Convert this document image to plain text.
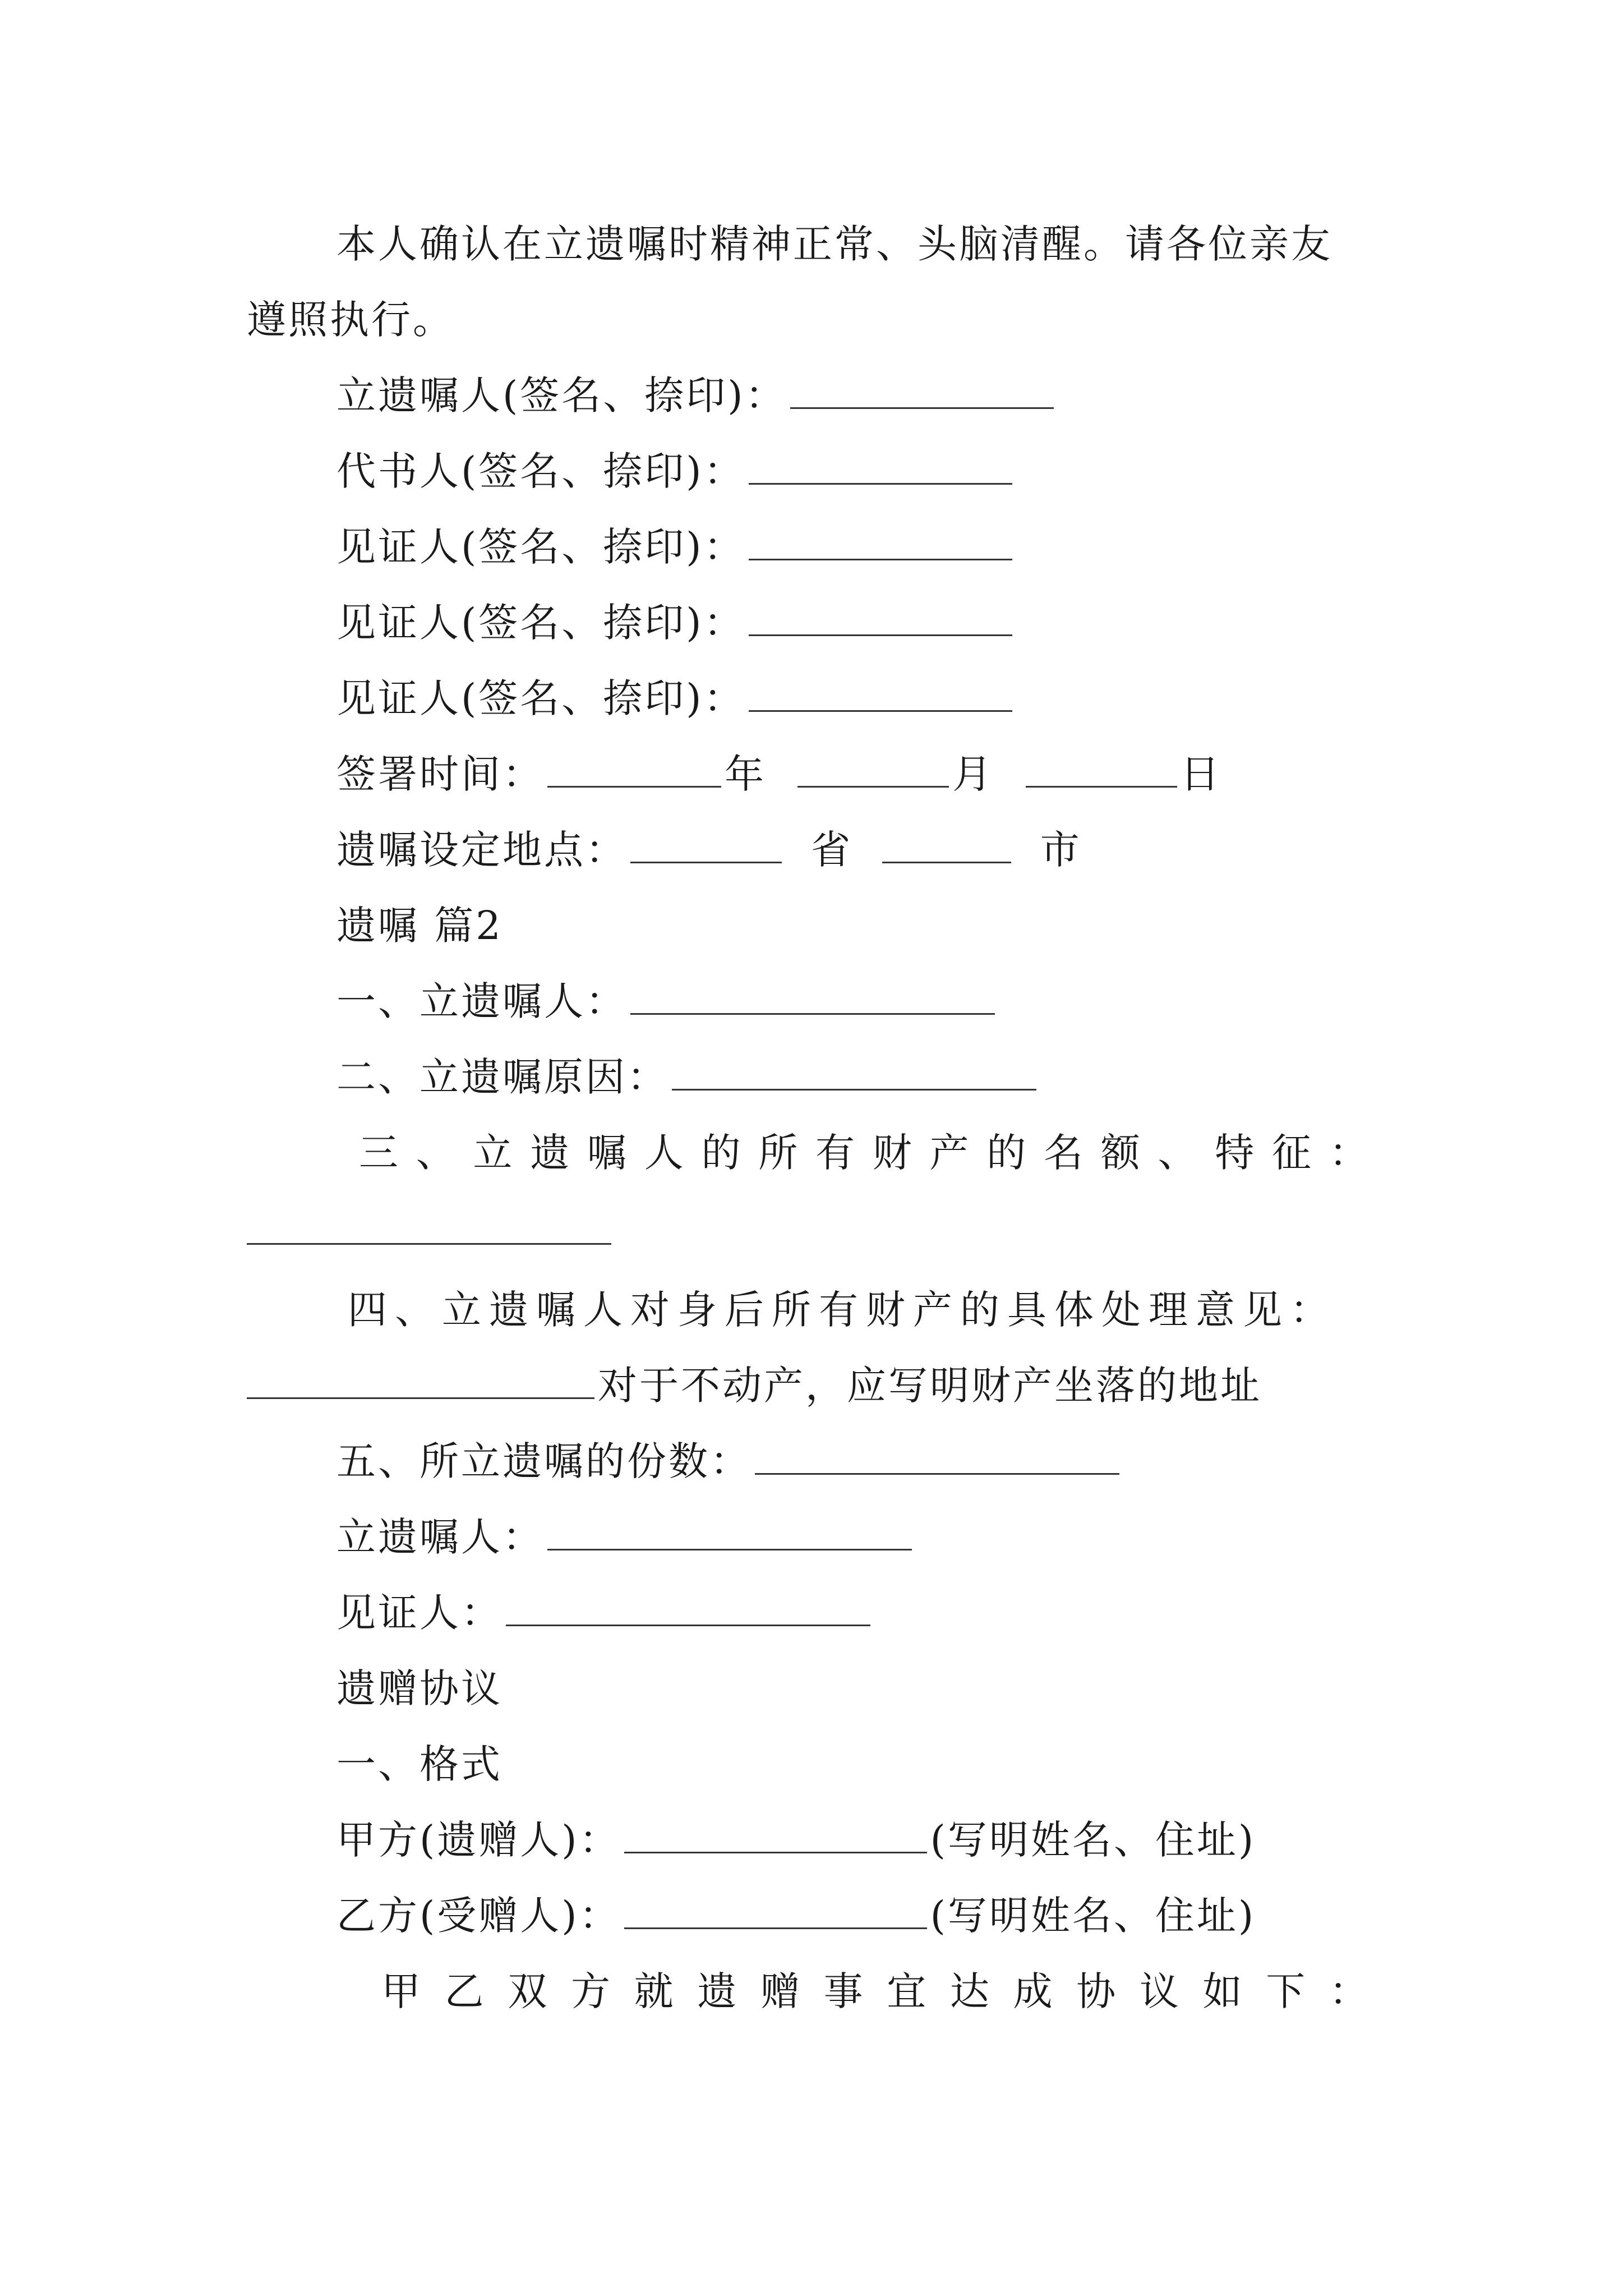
本人确认在立遗嘱时精神正常、头脑清醒。请各位亲友
遵照执行。
立遗嘱人(签名、捺印)：
代书人(签名、捺印)：
见证人(签名、捺印)：
见证人(签名、捺印)：
见证人(签名、捺印)：
签署时间：	年	月	日
遗嘱设定地点：	省	市
遗嘱 篇2
一、立遗嘱人：
二、立遗嘱原因：
三 、 立 遗 嘱 人 的 所 有 财 产 的 名 额 、 特 征 ：
四、立遗嘱人对身后所有财产的具体处理意见：
对于不动产，应写明财产坐落的地址
五、所立遗嘱的份数：
立遗嘱人：
见证人：
遗赠协议
一、格式
甲方(遗赠人)：	(写明姓名、住址)
乙方(受赠人)：	(写明姓名、住址)
甲 乙 双 方 就 遗 赠 事 宜 达 成 协 议 如 下 ：
